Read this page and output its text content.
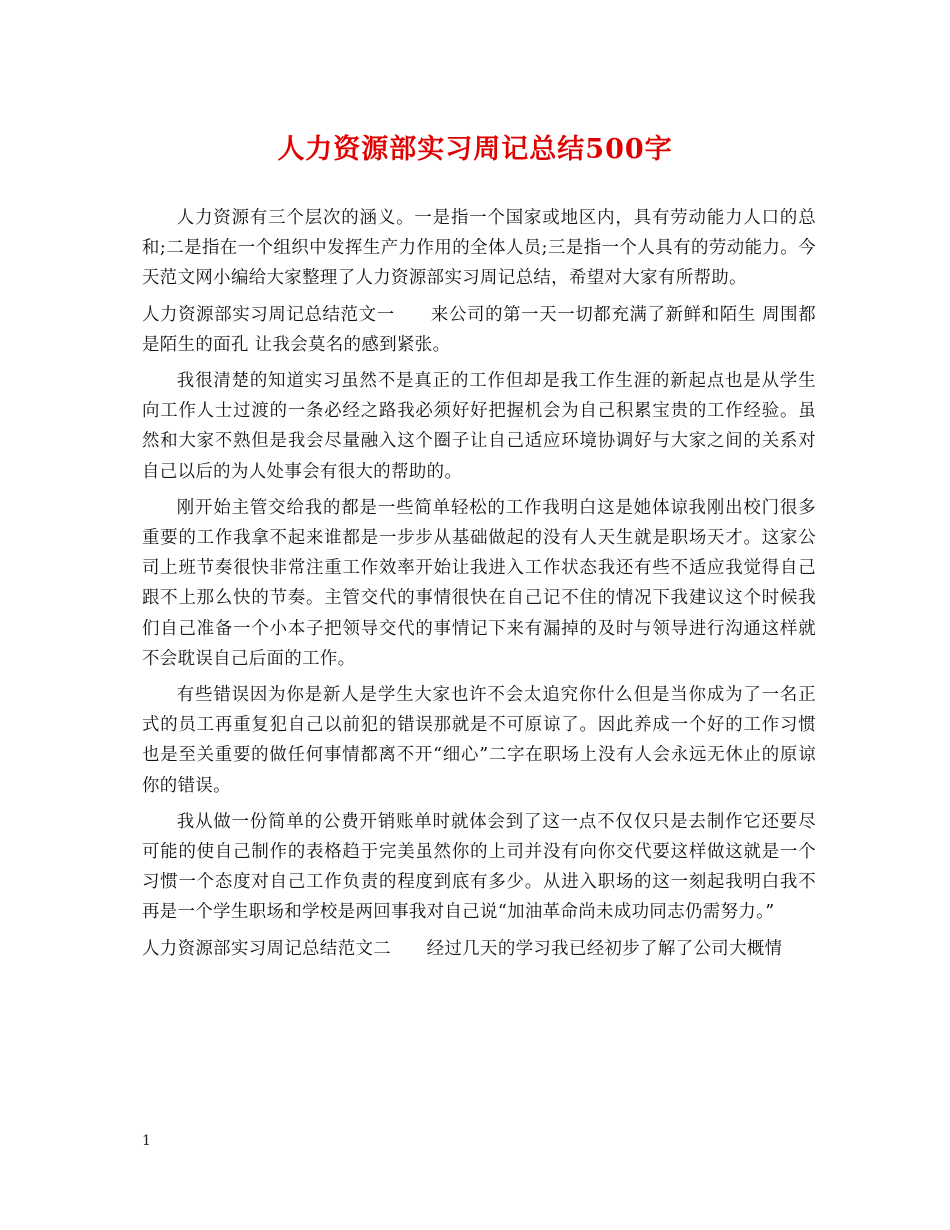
人力资源部实习周记总结500字

人力资源有三个层次的涵义。一是指一个国家或地区内，具有劳动能力人口的总和;二是指在一个组织中发挥生产力作用的全体人员;三是指一个人具有的劳动能力。今天范文网小编给大家整理了人力资源部实习周记总结，希望对大家有所帮助。

人力资源部实习周记总结范文一　　来公司的第一天一切都充满了新鲜和陌生 周围都是陌生的面孔 让我会莫名的感到紧张。

我很清楚的知道实习虽然不是真正的工作但却是我工作生涯的新起点也是从学生向工作人士过渡的一条必经之路我必须好好把握机会为自己积累宝贵的工作经验。虽然和大家不熟但是我会尽量融入这个圈子让自己适应环境协调好与大家之间的关系对自己以后的为人处事会有很大的帮助的。

刚开始主管交给我的都是一些简单轻松的工作我明白这是她体谅我刚出校门很多重要的工作我拿不起来谁都是一步步从基础做起的没有人天生就是职场天才。这家公司上班节奏很快非常注重工作效率开始让我进入工作状态我还有些不适应我觉得自己跟不上那么快的节奏。主管交代的事情很快在自己记不住的情况下我建议这个时候我们自己准备一个小本子把领导交代的事情记下来有漏掉的及时与领导进行沟通这样就不会耽误自己后面的工作。

有些错误因为你是新人是学生大家也许不会太追究你什么但是当你成为了一名正式的员工再重复犯自己以前犯的错误那就是不可原谅了。因此养成一个好的工作习惯也是至关重要的做任何事情都离不开“细心”二字在职场上没有人会永远无休止的原谅你的错误。

我从做一份简单的公费开销账单时就体会到了这一点不仅仅只是去制作它还要尽可能的使自己制作的表格趋于完美虽然你的上司并没有向你交代要这样做这就是一个习惯一个态度对自己工作负责的程度到底有多少。从进入职场的这一刻起我明白我不再是一个学生职场和学校是两回事我对自己说“加油革命尚未成功同志仍需努力。”

人力资源部实习周记总结范文二　　经过几天的学习我已经初步了解了公司大概情

1
